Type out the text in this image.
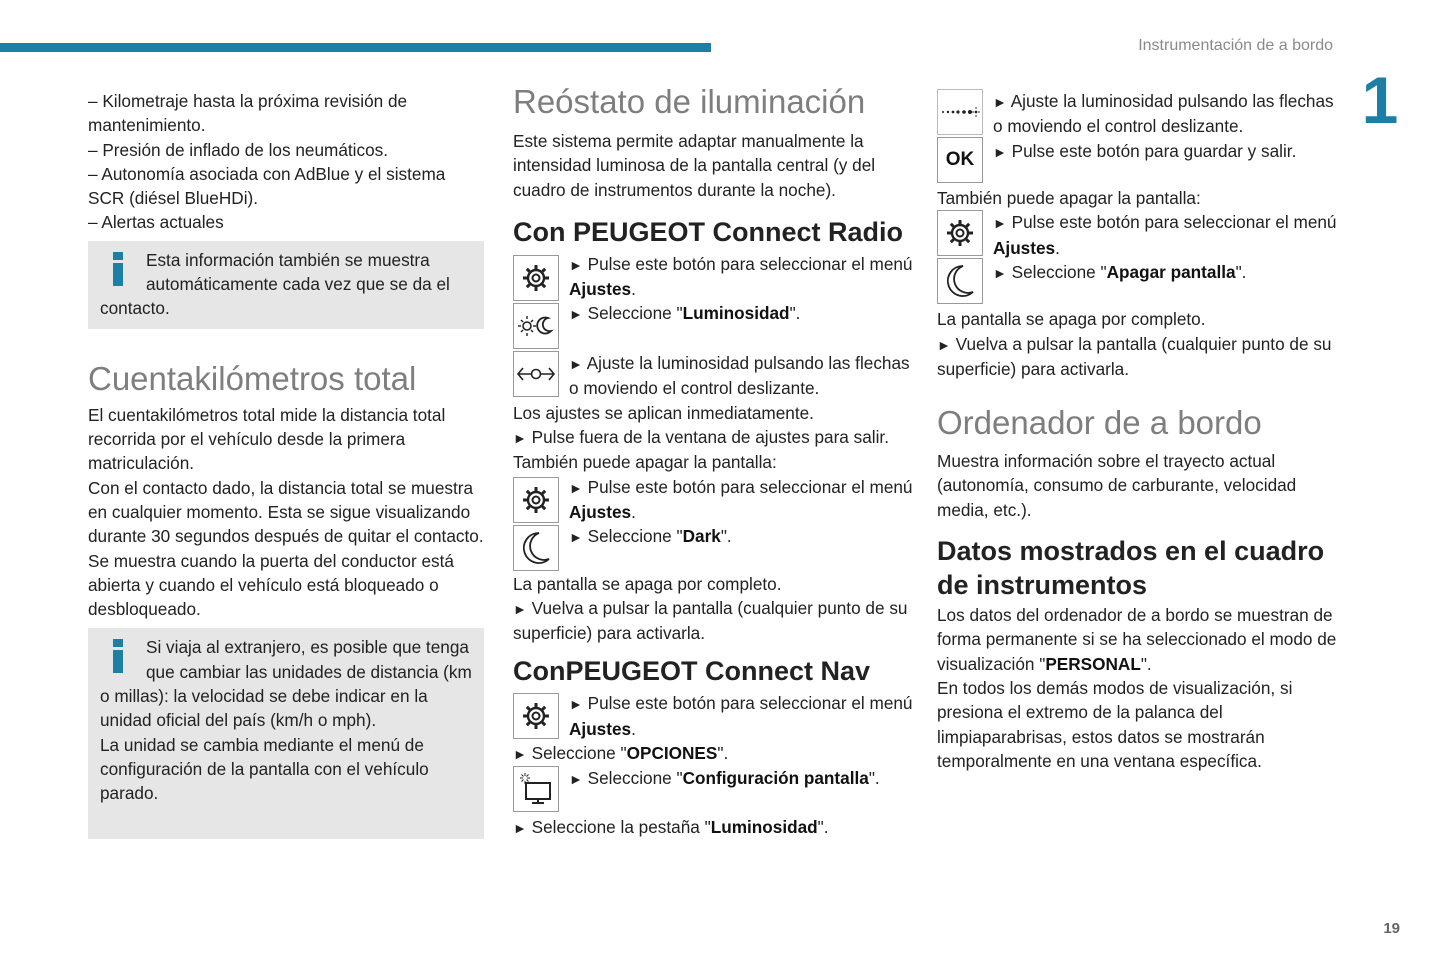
Instrumentación de a bordo
1
19

– Kilometraje hasta la próxima revisión de mantenimiento.

– Presión de inflado de los neumáticos.

– Autonomía asociada con AdBlue y el sistema SCR (diésel BlueHDi).

– Alertas actuales

Esta información también se muestra automáticamente cada vez que se da el contacto.

Cuentakilómetros total

El cuentakilómetros total mide la distancia total recorrida por el vehículo desde la primera matriculación.

Con el contacto dado, la distancia total se muestra en cualquier momento. Esta se sigue visualizando durante 30 segundos después de quitar el contacto. Se muestra cuando la puerta del conductor está abierta y cuando el vehículo está bloqueado o desbloqueado.

Si viaja al extranjero, es posible que tenga que cambiar las unidades de distancia (km o millas): la velocidad se debe indicar en la unidad oficial del país (km/h o mph).

La unidad se cambia mediante el menú de configuración de la pantalla con el vehículo parado.

Reóstato de iluminación

Este sistema permite adaptar manualmente la intensidad luminosa de la pantalla central (y del cuadro de instrumentos durante la noche).

Con PEUGEOT Connect Radio

► Pulse este botón para seleccionar el menú Ajustes.

► Seleccione "Luminosidad".

► Ajuste la luminosidad pulsando las flechas o moviendo el control deslizante.

Los ajustes se aplican inmediatamente.

► Pulse fuera de la ventana de ajustes para salir.

También puede apagar la pantalla:

► Pulse este botón para seleccionar el menú Ajustes.

► Seleccione "Dark".

La pantalla se apaga por completo.

► Vuelva a pulsar la pantalla (cualquier punto de su superficie) para activarla.

ConPEUGEOT Connect Nav

► Pulse este botón para seleccionar el menú Ajustes.

► Seleccione "OPCIONES".

► Seleccione "Configuración pantalla".

► Seleccione la pestaña "Luminosidad".

OK

► Ajuste la luminosidad pulsando las flechas o moviendo el control deslizante.

► Pulse este botón para guardar y salir.

También puede apagar la pantalla:

► Pulse este botón para seleccionar el menú Ajustes.

► Seleccione "Apagar pantalla".

La pantalla se apaga por completo.

► Vuelva a pulsar la pantalla (cualquier punto de su superficie) para activarla.

Ordenador de a bordo

Muestra información sobre el trayecto actual (autonomía, consumo de carburante, velocidad media, etc.).

Datos mostrados en el cuadro de instrumentos

Los datos del ordenador de a bordo se muestran de forma permanente si se ha seleccionado el modo de visualización "PERSONAL".

En todos los demás modos de visualización, si presiona el extremo de la palanca del limpiaparabrisas, estos datos se mostrarán temporalmente en una ventana específica.
